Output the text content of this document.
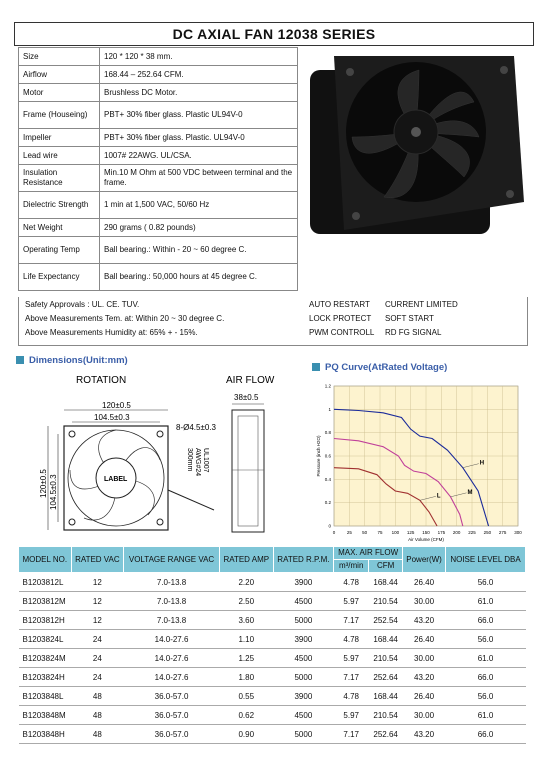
DC AXIAL FAN 12038 SERIES
Size	120 * 120 * 38 mm.
Airflow	168.44 – 252.64 CFM.
Motor	Brushless DC Motor.
Frame (Houseing)	PBT+ 30% fiber glass. Plastic UL94V-0
Impeller	PBT+ 30% fiber glass. Plastic. UL94V-0
Lead wire	1007# 22AWG. UL/CSA.
Insulation Resistance	Min.10 M Ohm at 500 VDC between terminal and the frame.
Dielectric Strength	1 min at 1,500 VAC, 50/60 Hz
Net Weight	290 grams ( 0.82 pounds)
Operating Temp	Ball bearing.: Within - 20 ~ 60 degree C.
Life Expectancy	Ball bearing.: 50,000 hours at 45 degree C.
Safety Approvals : UL. CE. TUV.
Above Measurements Tem. at: Within 20 ~ 30 degree C.
Above Measurements Humidity at: 65% + - 15%.
AUTO RESTART CURRENT LIMITED
LOCK PROTECT SOFT START
PWM CONTROLL RD FG SIGNAL
Dimensions(Unit:mm)
PQ Curve(AtRated Voltage)
ROTATION	AIR FLOW
120±0.5
104.5±0.3
8-Ø4.5±0.3
LABEL
120±0.5 104.5±0.3
UL1007
AWG#24
300mm
38±0.5
0	25 50 75 100 125 150 175 200 225 250 275 300
0
0.2
0.4
0.6
0.8
1
1.2
Air Volume (CFM)
Pressure (inch H2O)	H
M
L
MODEL NO.	RATED VAC	VOLTAGE RANGE VAC	RATED AMP	RATED R.P.M.	MAX. AIR FLOW		Power(W)	NOISE LEVEL DBA
					m³/min	CFM		
B1203812L	12	7.0-13.8	2.20	3900	4.78	168.44	26.40	56.0
B1203812M	12	7.0-13.8	2.50	4500	5.97	210.54	30.00	61.0
B1203812H	12	7.0-13.8	3.60	5000	7.17	252.54	43.20	66.0
B1203824L	24	14.0-27.6	1.10	3900	4.78	168.44	26.40	56.0
B1203824M	24	14.0-27.6	1.25	4500	5.97	210.54	30.00	61.0
B1203824H	24	14.0-27.6	1.80	5000	7.17	252.64	43.20	66.0
B1203848L	48	36.0-57.0	0.55	3900	4.78	168.44	26.40	56.0
B1203848M	48	36.0-57.0	0.62	4500	5.97	210.54	30.00	61.0
B1203848H	48	36.0-57.0	0.90	5000	7.17	252.64	43.20	66.0
